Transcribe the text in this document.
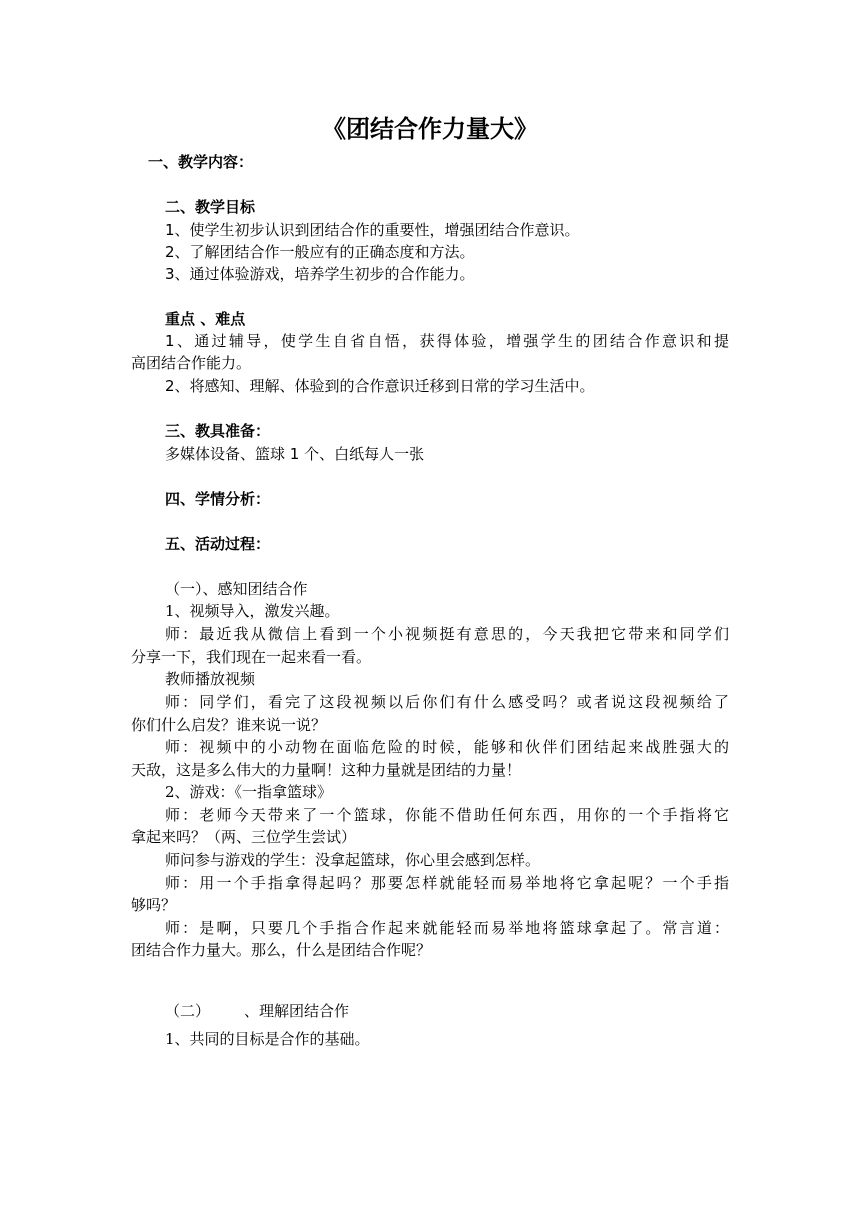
《团结合作力量大》
一、教学内容：
二、教学目标
1、使学生初步认识到团结合作的重要性，增强团结合作意识。
2、了解团结合作一般应有的正确态度和方法。
3、通过体验游戏，培养学生初步的合作能力。
重点 、难点
1、通过辅导，使学生自省自悟，获得体验，增强学生的团结合作意识和提
高团结合作能力。
2、将感知、理解、体验到的合作意识迁移到日常的学习生活中。
三、教具准备：
多媒体设备、篮球 1 个、白纸每人一张
四、学情分析：
五、活动过程：
（一）、感知团结合作
1、视频导入，激发兴趣。
师：最近我从微信上看到一个小视频挺有意思的，今天我把它带来和同学们
分享一下，我们现在一起来看一看。
教师播放视频
师：同学们，看完了这段视频以后你们有什么感受吗？或者说这段视频给了
你们什么启发？谁来说一说？
师：视频中的小动物在面临危险的时候，能够和伙伴们团结起来战胜强大的
天敌，这是多么伟大的力量啊！这种力量就是团结的力量！
2、游戏：《一指拿篮球》
师：老师今天带来了一个篮球，你能不借助任何东西，用你的一个手指将它
拿起来吗？（两、三位学生尝试）
师问参与游戏的学生：没拿起篮球，你心里会感到怎样。
师：用一个手指拿得起吗？那要怎样就能轻而易举地将它拿起呢？一个手指
够吗？
师：是啊，只要几个手指合作起来就能轻而易举地将篮球拿起了。常言道：
团结合作力量大。那么，什么是团结合作呢？
（二） 、理解团结合作
1、共同的目标是合作的基础。
